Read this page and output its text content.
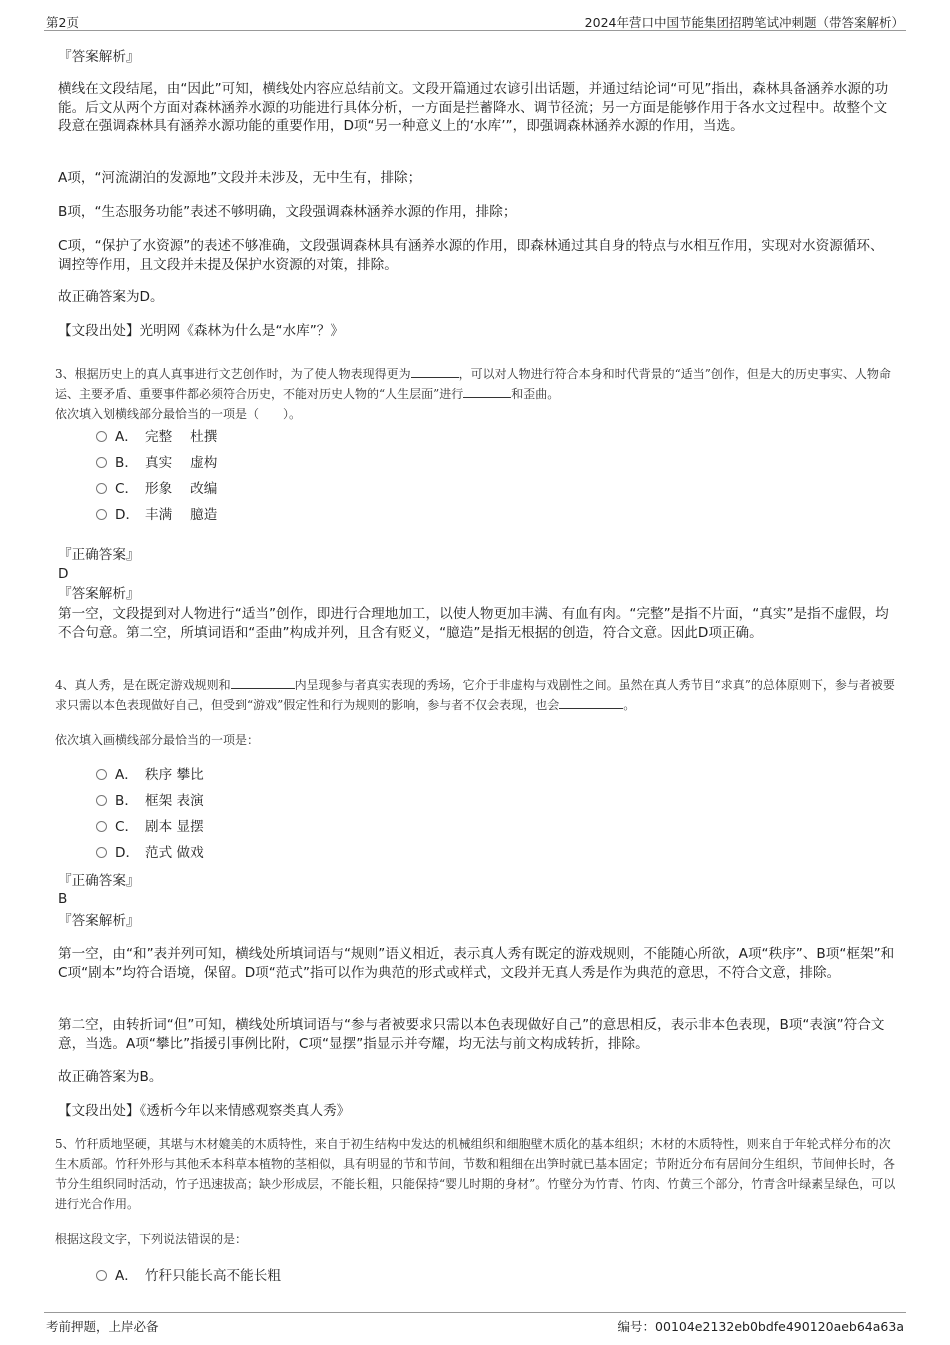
第2页	2024年营口中国节能集团招聘笔试冲刺题（带答案解析）
『答案解析』
横线在文段结尾，由“因此”可知，横线处内容应总结前文。文段开篇通过农谚引出话题，并通过结论词“可见”指出，森林具备涵养水源的功能。后文从两个方面对森林涵养水源的功能进行具体分析，一方面是拦蓄降水、调节径流；另一方面是能够作用于各水文过程中。故整个文段意在强调森林具有涵养水源功能的重要作用，D项“另一种意义上的‘水库’”，即强调森林涵养水源的作用，当选。
A项，“河流湖泊的发源地”文段并未涉及，无中生有，排除；
B项，“生态服务功能”表述不够明确，文段强调森林涵养水源的作用，排除；
C项，“保护了水资源”的表述不够准确，文段强调森林具有涵养水源的作用，即森林通过其自身的特点与水相互作用，实现对水资源循环、调控等作用，且文段并未提及保护水资源的对策，排除。
故正确答案为D。
【文段出处】光明网《森林为什么是“水库”？》
3、根据历史上的真人真事进行文艺创作时，为了使人物表现得更为	，可以对人物进行符合本身和时代背景的“适当”创作，但是大的历史事实、人物命运、主要矛盾、重要事件都必须符合历史，不能对历史人物的“人生层面”进行	和歪曲。
依次填入划横线部分最恰当的一项是（　　）。
A． 完整　 杜撰
B． 真实　 虚构
C． 形象　 改编
D． 丰满　 臆造
『正确答案』
D
『答案解析』
第一空，文段提到对人物进行“适当”创作，即进行合理地加工，以使人物更加丰满、有血有肉。“完整”是指不片面，“真实”是指不虚假，均不合句意。第二空，所填词语和“歪曲”构成并列，且含有贬义，“臆造”是指无根据的创造，符合文意。因此D项正确。
4、真人秀，是在既定游戏规则和	内呈现参与者真实表现的秀场，它介于非虚构与戏剧性之间。虽然在真人秀节目“求真”的总体原则下，参与者被要求只需以本色表现做好自己，但受到“游戏”假定性和行为规则的影响，参与者不仅会表现，也会	。
依次填入画横线部分最恰当的一项是：
A． 秩序 攀比
B． 框架 表演
C． 剧本 显摆
D． 范式 做戏
『正确答案』
B
『答案解析』
第一空，由“和”表并列可知，横线处所填词语与“规则”语义相近，表示真人秀有既定的游戏规则，不能随心所欲，A项“秩序”、B项“框架”和C项“剧本”均符合语境，保留。D项“范式”指可以作为典范的形式或样式，文段并无真人秀是作为典范的意思，不符合文意，排除。
第二空，由转折词“但”可知，横线处所填词语与“参与者被要求只需以本色表现做好自己”的意思相反，表示非本色表现，B项“表演”符合文意，当选。A项“攀比”指援引事例比附，C项“显摆”指显示并夸耀，均无法与前文构成转折，排除。
故正确答案为B。
【文段出处】《透析今年以来情感观察类真人秀》
5、竹秆质地坚硬，其堪与木材媲美的木质特性，来自于初生结构中发达的机械组织和细胞壁木质化的基本组织；木材的木质特性，则来自于年轮式样分布的次生木质部。竹秆外形与其他禾本科草本植物的茎相似，具有明显的节和节间，节数和粗细在出笋时就已基本固定；节附近分布有居间分生组织，节间伸长时，各节分生组织同时活动，竹子迅速拔高；缺少形成层，不能长粗，只能保持“婴儿时期的身材”。竹壁分为竹青、竹肉、竹黄三个部分，竹青含叶绿素呈绿色，可以进行光合作用。
根据这段文字，下列说法错误的是：
A． 竹秆只能长高不能长粗
考前押题，上岸必备	编号：00104e2132eb0bdfe490120aeb64a63a
